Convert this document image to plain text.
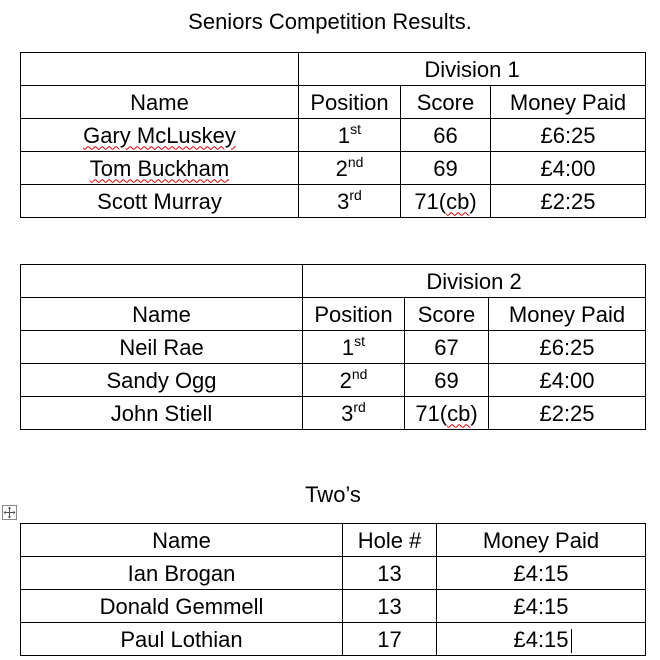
Seniors Competition Results.
	Division 1		
Name	Position	Score	Money Paid
Gary McLuskey	1st	66	£6:25
Tom Buckham	2nd	69	£4:00
Scott Murray	3rd	71(cb)	£2:25
	Division 2		
Name	Position	Score	Money Paid
Neil Rae	1st	67	£6:25
Sandy Ogg	2nd	69	£4:00
John Stiell	3rd	71(cb)	£2:25
Two’s
Name	Hole #	Money Paid
Ian Brogan	13	£4:15
Donald Gemmell	13	£4:15
Paul Lothian	17	£4:15
